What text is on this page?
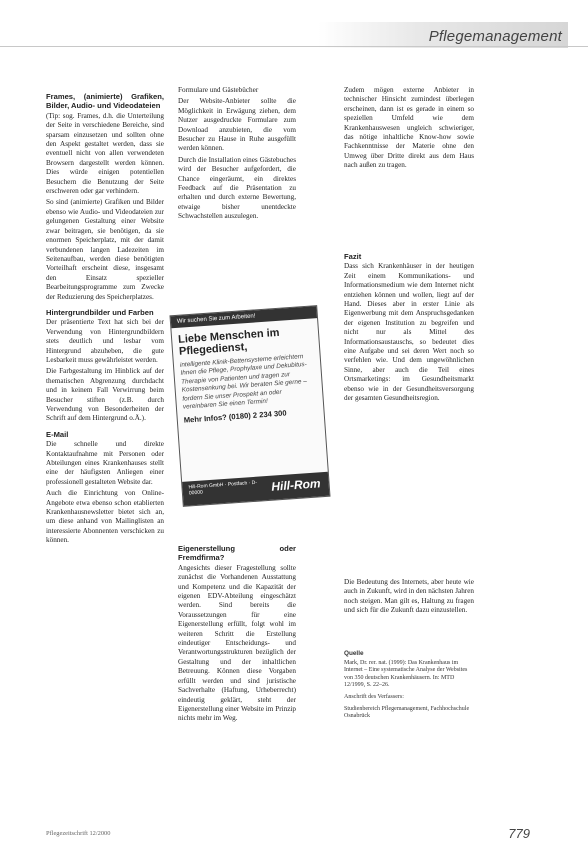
Pflegemanagement
Frames, (animierte) Grafiken, Bilder, Audio- und Videodateien

(Tip: sog. Frames, d.h. die Unterteilung der Seite in verschiedene Bereiche, sind sparsam einzusetzen und sollten ohne den Aspekt gestaltet werden, dass sie eventuell nicht von allen verwendeten Browsern dargestellt werden können. Dies würde einigen potentiellen Besuchern die Benutzung der Seite erschweren oder gar verhindern.

So sind (animierte) Grafiken und Bilder ebenso wie Audio- und Videodateien zur gelungenen Gestaltung einer Website zwar beitragen, sie benötigen, da sie enormen Speicherplatz, mit der damit verbundenen langen Ladezeiten im Seitenaufbau, werden diese benötigten Vorteilhaft erscheint diese, insgesamt den Einsatz spezieller Bearbeitungsprogramme zum Zwecke der Reduzierung des Speicherplatzes.

Hintergrundbilder und Farben

Der präsentierte Text hat sich bei der Verwendung von Hintergrundbildern stets deutlich und lesbar vom Hintergrund abzuheben, die gute Lesbarkeit muss gewährleistet werden.

Die Farbgestaltung im Hinblick auf der thematischen Abgrenzung durchdacht und in keinem Fall Verwirrung beim Besucher stiften (z.B. durch Verwendung von Besonderheiten der Schrift auf dem Hintergrund o.Ä.).

E-Mail

Die schnelle und direkte Kontaktaufnahme mit Personen oder Abteilungen eines Krankenhauses stellt eine der häufigsten Anliegen einer professionell gestalteten Website dar.

Auch die Einrichtung von Online-Angebote etwa ebenso schon etablierten Krankenhausnewsletter bietet sich an, um diese anhand von Mailinglisten an interessierte Abonnenten verschicken zu können.

Formulare und Gästebücher

Der Website-Anbieter sollte die Möglichkeit in Erwägung ziehen, dem Nutzer ausgedruckte Formulare zum Download anzubieten, die vom Besucher zu Hause in Ruhe ausgefüllt werden können.

Durch die Installation eines Gästebuches wird der Besucher aufgefordert, die Chance eingeräumt, ein direktes Feedback auf die Präsentation zu erhalten und durch externe Bewertung, etwaige bisher unentdeckte Schwachstellen auszulegen.

Wir suchen Sie zum Arbeiten!
Liebe Menschen im Pflegedienst,
intelligente Klinik-Bettensysteme erleichtern Ihnen die Pflege, Prophylaxe und Dekubitus-Therapie von Patienten und tragen zur Kostensenkung bei. Wir beraten Sie gerne – fordern Sie unser Prospekt an oder vereinbaren Sie einen Termin!
Mehr Infos? (0180) 2 234 300
Hill-Rom GmbH · Postfach · D-00000	Hill-Rom
Eigenerstellung oder Fremdfirma?

Angesichts dieser Fragestellung sollte zunächst die Vorhandenen Ausstattung und Kompetenz und die Kapazität der eigenen EDV-Abteilung eingeschätzt werden. Sind bereits die Voraussetzungen für eine Eigenerstellung erfüllt, folgt wohl im weiteren Schritt die Erstellung eindeutiger Entscheidungs- und Verantwortungsstrukturen bezüglich der Gestaltung und der inhaltlichen Betreuung. Können diese Vorgaben erfüllt werden und sind juristische Sachverhalte (Haftung, Urheberrecht) eindeutig geklärt, steht der Eigenerstellung einer Website im Prinzip nichts mehr im Weg.

Zudem mögen externe Anbieter in technischer Hinsicht zumindest überlegen erscheinen, dann ist es gerade in einem so speziellen Umfeld wie dem Krankenhauswesen ungleich schwieriger, das nötige inhaltliche Know-how sowie Fachkenntnisse der Materie ohne den Umweg über Dritte direkt aus dem Haus nach außen zu tragen.

Fazit

Dass sich Krankenhäuser in der heutigen Zeit einem Kommunikations- und Informationsmedium wie dem Internet nicht entziehen können und wollen, liegt auf der Hand. Dieses aber in erster Linie als Eigenwerbung mit dem Anspruchsgedanken der eigenen Institution zu begreifen und nicht nur als Mittel des Informationsaustauschs, so bedeutet dies eine Aufgabe und sei deren Wert noch so verfehlen wie. Und dem ungewöhnlichen Sinne, aber auch die Teil eines Ortsmarketings: im Gesundheitsmarkt ebenso wie in der Gesundheitsversorgung der gesamten Gesundheitsregion.

Die Bedeutung des Internets, aber heute wie auch in Zukunft, wird in den nächsten Jahren noch steigen. Man gilt es, Haltung zu fragen und sich für die Zukunft dazu einzustellen.

Quelle

Mark, Dr. rer. nat. (1999): Das Krankenhaus im Internet – Eine systematische Analyse der Websites von 350 deutschen Krankenhäusern. In: MTD 12/1999, S. 22–26.

Anschrift des Verfassers:

Studienbereich Pflegemanagement, Fachhochschule Osnabrück

Pflegezeitschrift 12/2000	779
